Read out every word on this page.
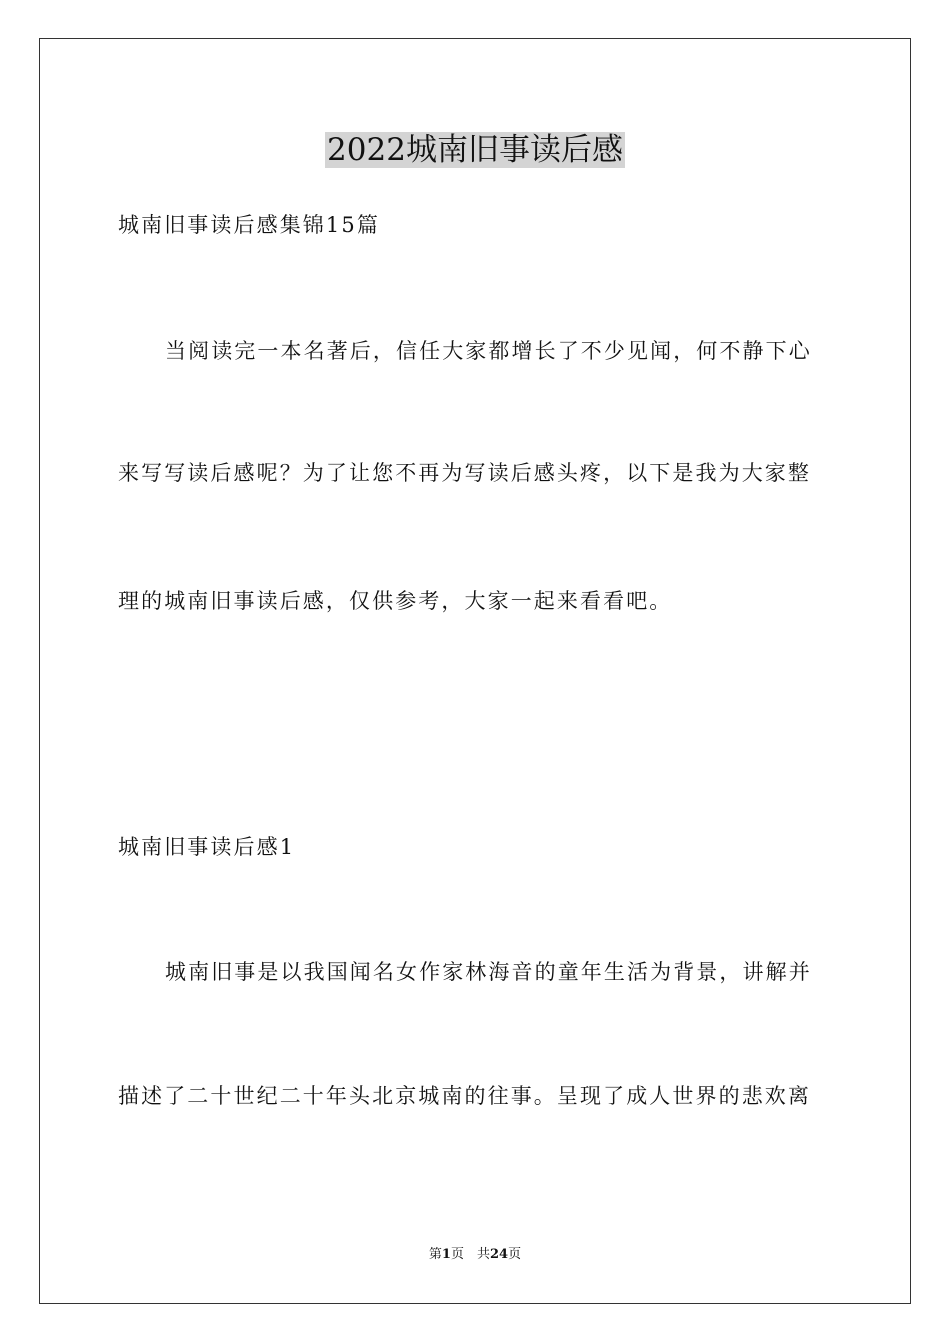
2022城南旧事读后感
城南旧事读后感集锦15篇
当阅读完一本名著后，信任大家都增长了不少见闻，何不静下心
来写写读后感呢？为了让您不再为写读后感头疼，以下是我为大家整
理的城南旧事读后感，仅供参考，大家一起来看看吧。
城南旧事读后感1
城南旧事是以我国闻名女作家林海音的童年生活为背景，讲解并
描述了二十世纪二十年头北京城南的往事。呈现了成人世界的悲欢离
第1页　共24页
